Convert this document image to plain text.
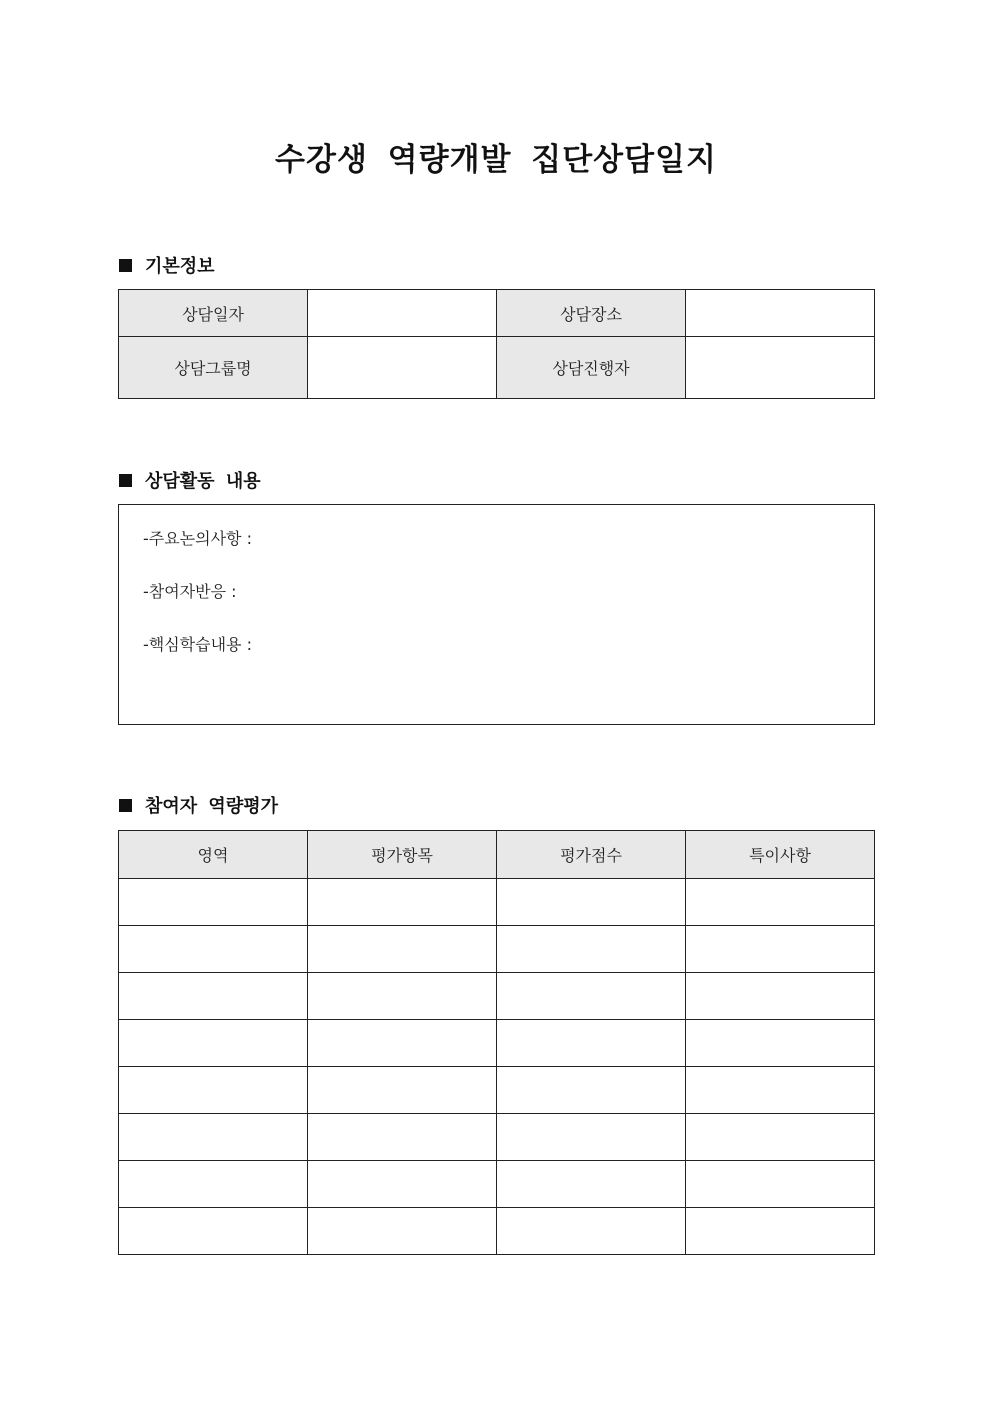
수강생 역량개발 집단상담일지
기본정보
상담일자		상담장소	
상담그룹명		상담진행자	
상담활동 내용
-주요논의사항 :
-참여자반응 :
-핵심학습내용 :
참여자 역량평가
영역	평가항목	평가점수	특이사항
